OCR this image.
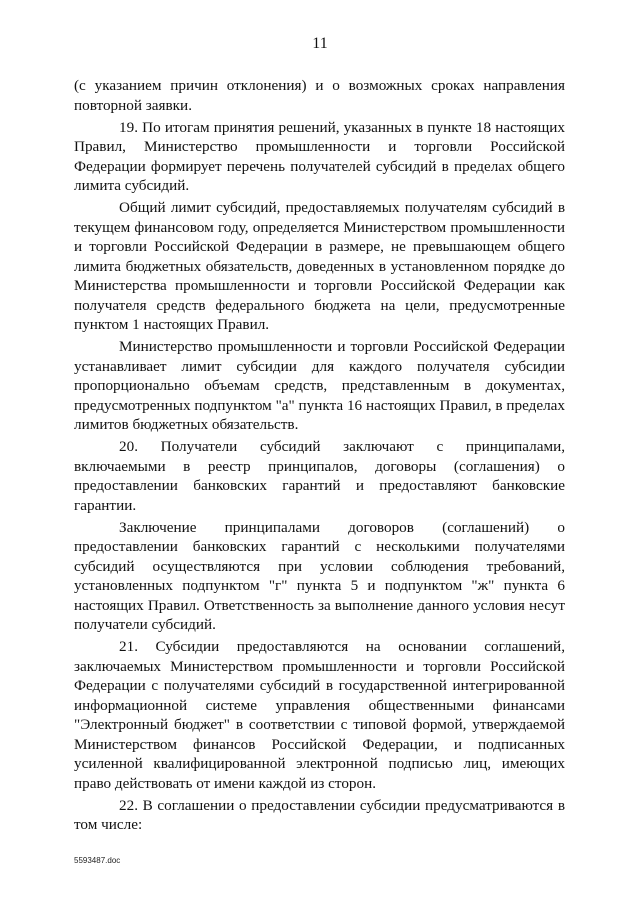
11

(с указанием причин отклонения) и о возможных сроках направления повторной заявки.

19. По итогам принятия решений, указанных в пункте 18 настоящих Правил, Министерство промышленности и торговли Российской Федерации формирует перечень получателей субсидий в пределах общего лимита субсидий.

Общий лимит субсидий, предоставляемых получателям субсидий в текущем финансовом году, определяется Министерством промышленности и торговли Российской Федерации в размере, не превышающем общего лимита бюджетных обязательств, доведенных в установленном порядке до Министерства промышленности и торговли Российской Федерации как получателя средств федерального бюджета на цели, предусмотренные пунктом 1 настоящих Правил.

Министерство промышленности и торговли Российской Федерации устанавливает лимит субсидии для каждого получателя субсидии пропорционально объемам средств, представленным в документах, предусмотренных подпунктом "а" пункта 16 настоящих Правил, в пределах лимитов бюджетных обязательств.

20. Получатели субсидий заключают с принципалами, включаемыми в реестр принципалов, договоры (соглашения) о предоставлении банковских гарантий и предоставляют банковские гарантии.

Заключение принципалами договоров (соглашений) о предоставлении банковских гарантий с несколькими получателями субсидий осуществляются при условии соблюдения требований, установленных подпунктом "г" пункта 5 и подпунктом "ж" пункта 6 настоящих Правил. Ответственность за выполнение данного условия несут получатели субсидий.

21. Субсидии предоставляются на основании соглашений, заключаемых Министерством промышленности и торговли Российской Федерации с получателями субсидий в государственной интегрированной информационной системе управления общественными финансами "Электронный бюджет" в соответствии с типовой формой, утверждаемой Министерством финансов Российской Федерации, и подписанных усиленной квалифицированной электронной подписью лиц, имеющих право действовать от имени каждой из сторон.

22. В соглашении о предоставлении субсидии предусматриваются в том числе:

5593487.doc
